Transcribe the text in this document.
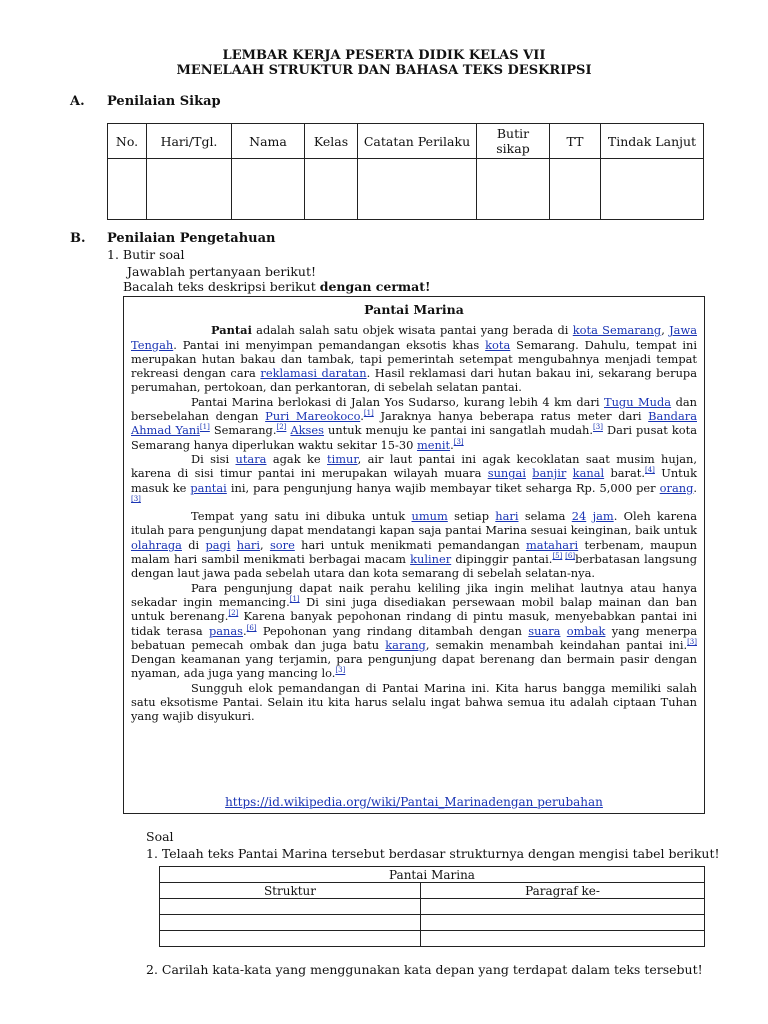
LEMBAR KERJA PESERTA DIDIK KELAS VII
MENELAAH STRUKTUR DAN BAHASA TEKS DESKRIPSI
A. Penilaian Sikap
No.	Hari/Tgl.	Nama	Kelas	Catatan Perilaku	Butir sikap	TT	Tindak Lanjut

B. Penilaian Pengetahuan
1. Butir soal
Jawablah pertanyaan berikut!
Bacalah teks deskripsi berikut dengan cermat!
Pantai Marina

Pantai adalah salah satu objek wisata pantai yang berada di kota Semarang, Jawa Tengah. Pantai ini menyimpan pemandangan eksotis khas kota Semarang. Dahulu, tempat ini merupakan hutan bakau dan tambak, tapi pemerintah setempat mengubahnya menjadi tempat rekreasi dengan cara reklamasi daratan. Hasil reklamasi dari hutan bakau ini, sekarang berupa perumahan, pertokoan, dan perkantoran, di sebelah selatan pantai.

Pantai Marina berlokasi di Jalan Yos Sudarso, kurang lebih 4 km dari Tugu Muda dan bersebelahan dengan Puri Mareokoco.[1] Jaraknya hanya beberapa ratus meter dari Bandara Ahmad Yani[1] Semarang.[2] Akses untuk menuju ke pantai ini sangatlah mudah.[3] Dari pusat kota Semarang hanya diperlukan waktu sekitar 15-30 menit.[3]

Di sisi utara agak ke timur, air laut pantai ini agak kecoklatan saat musim hujan, karena di sisi timur pantai ini merupakan wilayah muara sungai banjir kanal barat.[4] Untuk masuk ke pantai ini, para pengunjung hanya wajib membayar tiket seharga Rp. 5,000 per orang.[3]

Tempat yang satu ini dibuka untuk umum setiap hari selama 24 jam. Oleh karena itulah para pengunjung dapat mendatangi kapan saja pantai Marina sesuai keinginan, baik untuk olahraga di pagi hari, sore hari untuk menikmati pemandangan matahari terbenam, maupun malam hari sambil menikmati berbagai macam kuliner dipinggir pantai.[5] [6]berbatasan langsung dengan laut jawa pada sebelah utara dan kota semarang di sebelah selatan-nya.

Para pengunjung dapat naik perahu keliling jika ingin melihat lautnya atau hanya sekadar ingin memancing.[1] Di sini juga disediakan persewaan mobil balap mainan dan ban untuk berenang.[2] Karena banyak pepohonan rindang di pintu masuk, menyebabkan pantai ini tidak terasa panas.[6] Pepohonan yang rindang ditambah dengan suara ombak yang menerpa bebatuan pemecah ombak dan juga batu karang, semakin menambah keindahan pantai ini.[3] Dengan keamanan yang terjamin, para pengunjung dapat berenang dan bermain pasir dengan nyaman, ada juga yang mancing lo.[3]

Sungguh elok pemandangan di Pantai Marina ini. Kita harus bangga memiliki salah satu eksotisme Pantai. Selain itu kita harus selalu ingat bahwa semua itu adalah ciptaan Tuhan yang wajib disyukuri.

https://id.wikipedia.org/wiki/Pantai_Marinadengan perubahan
Soal
1. Telaah teks Pantai Marina tersebut berdasar strukturnya dengan mengisi tabel berikut!
Pantai Marina	
Struktur	Paragraf ke-

2. Carilah kata-kata yang menggunakan kata depan yang terdapat dalam teks tersebut!
